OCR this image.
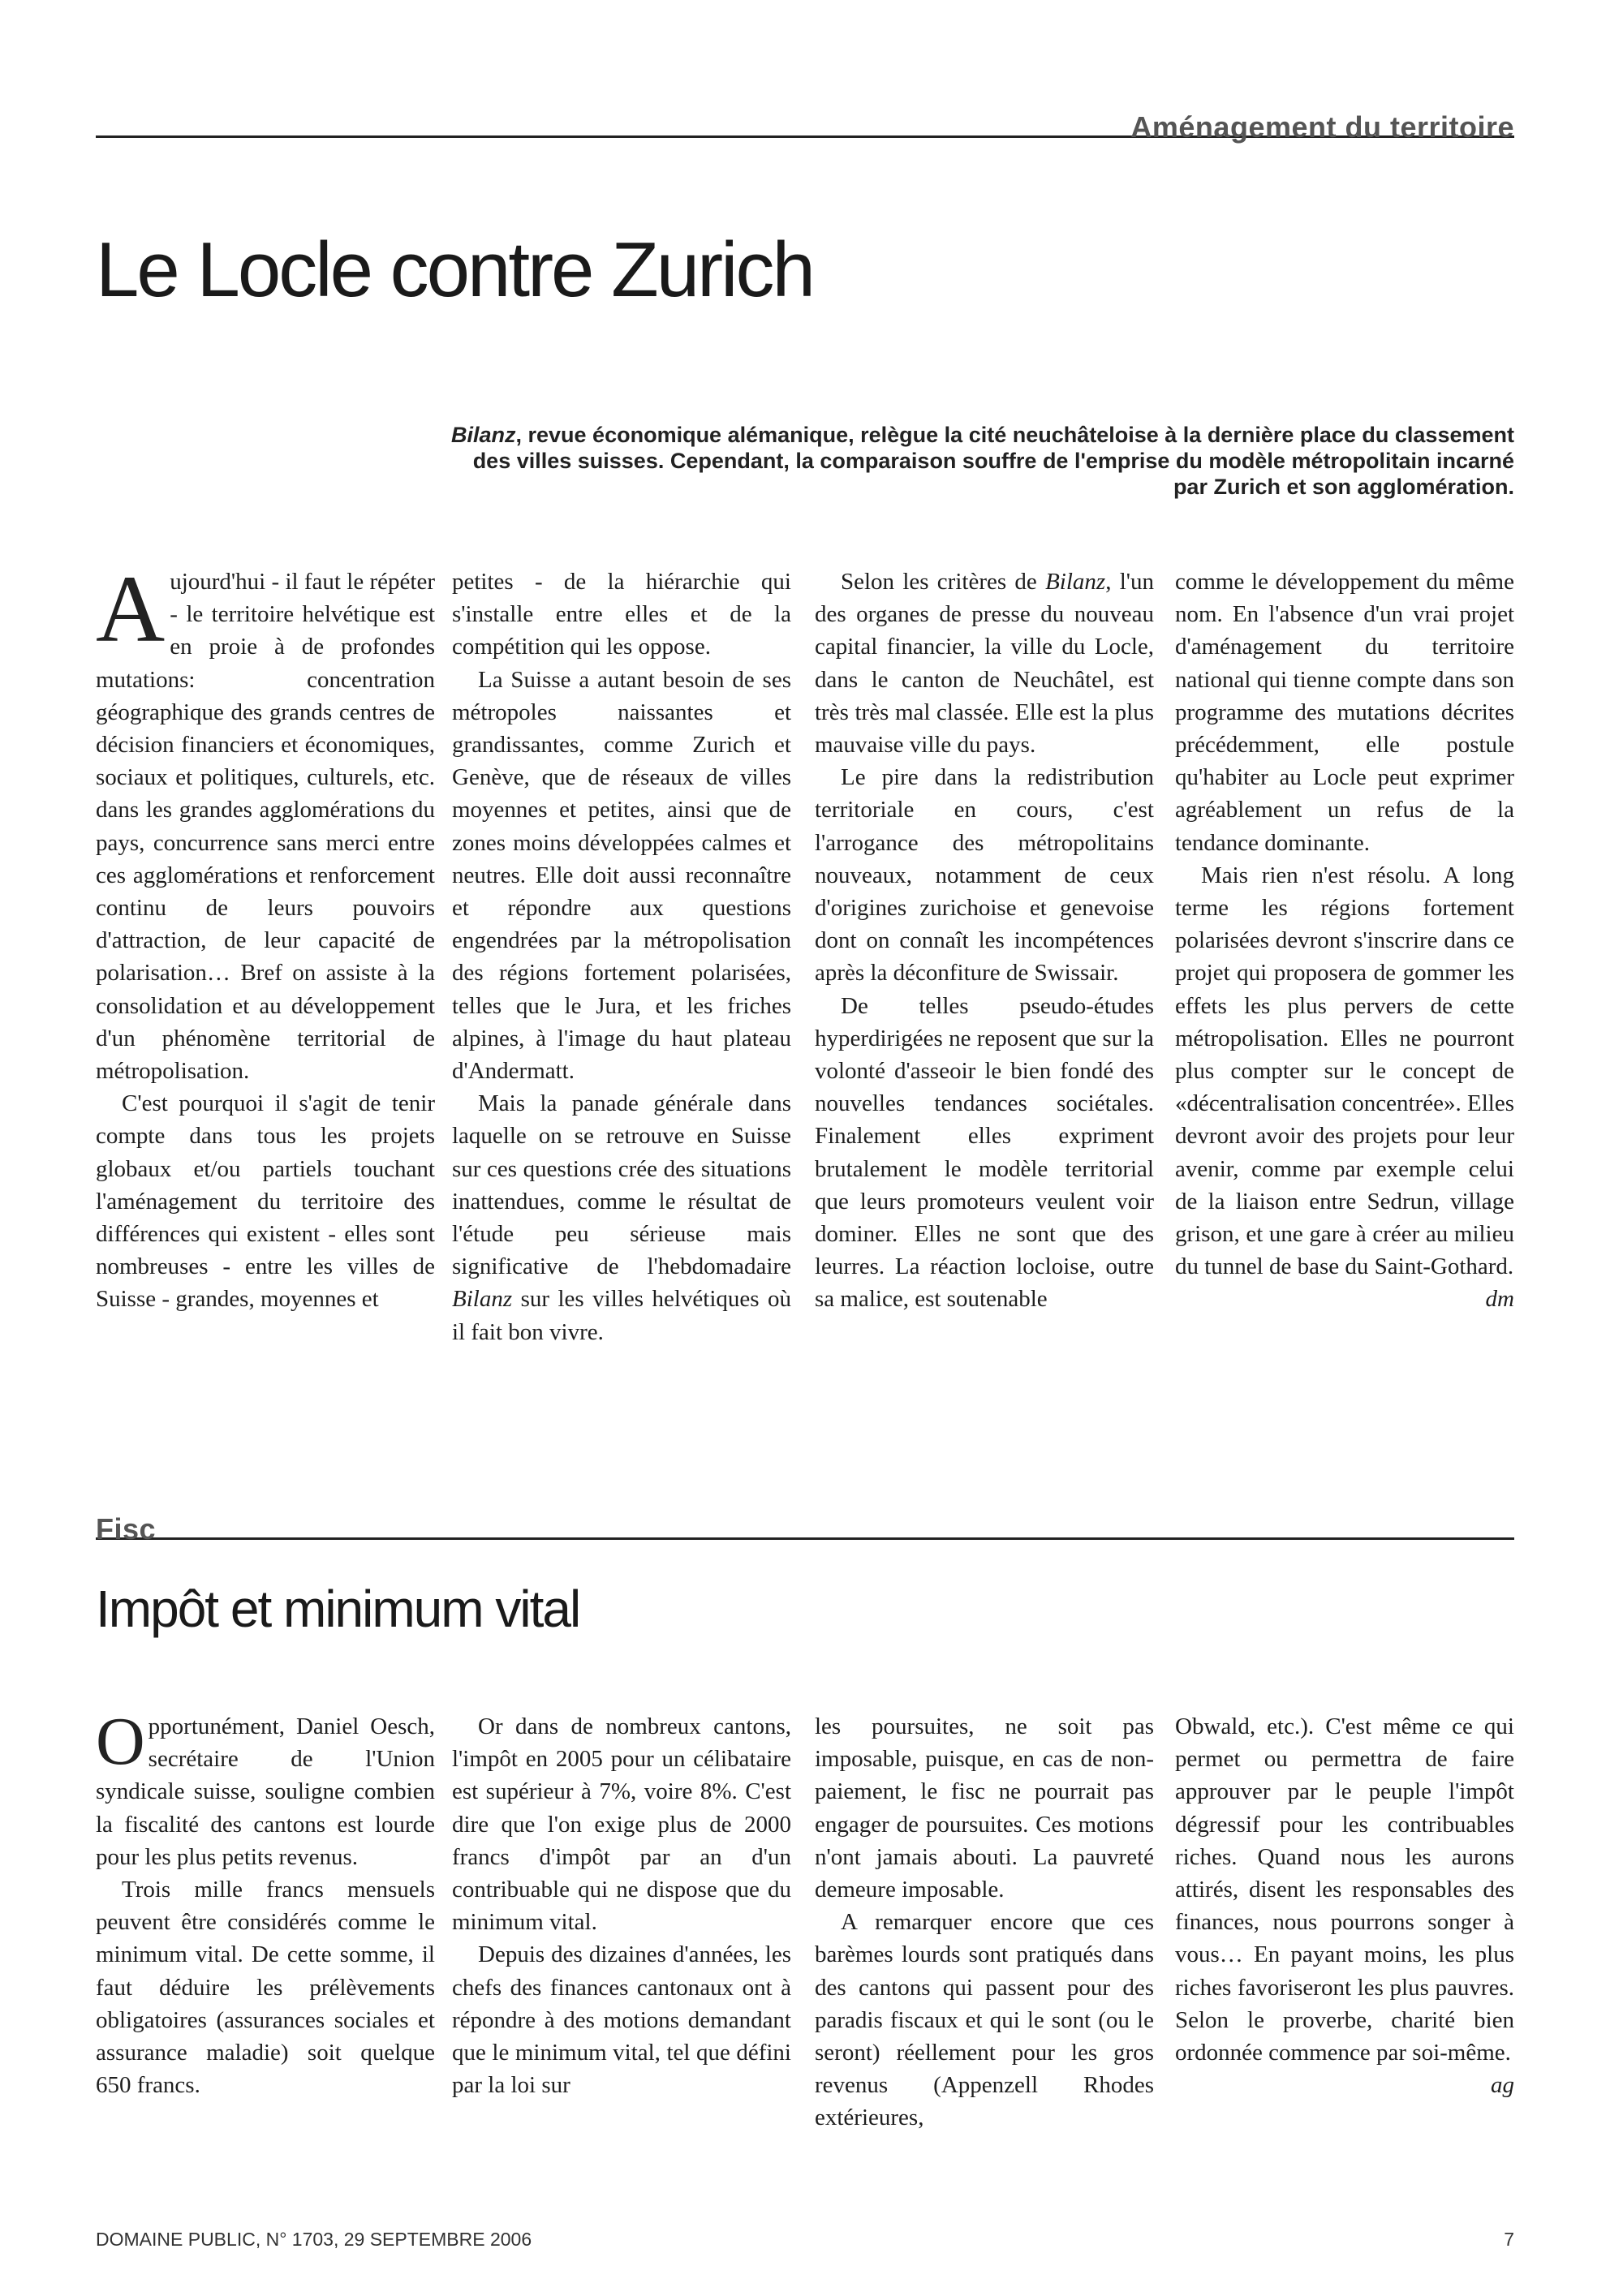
Aménagement du territoire
Le Locle contre Zurich

Bilanz, revue économique alémanique, relègue la cité neuchâteloise à la dernière place du classement des villes suisses. Cependant, la comparaison souffre de l'emprise du modèle métropolitain incarné par Zurich et son agglomération.

Aujourd'hui - il faut le répéter - le territoire helvétique est en proie à de profondes mutations: concentration géographique des grands centres de décision financiers et économiques, sociaux et politiques, culturels, etc. dans les grandes agglomérations du pays, concurrence sans merci entre ces agglomérations et renforcement continu de leurs pouvoirs d'attraction, de leur capacité de polarisation… Bref on assiste à la consolidation et au développement d'un phénomène territorial de métropolisation.

C'est pourquoi il s'agit de tenir compte dans tous les projets globaux et/ou partiels touchant l'aménagement du territoire des différences qui existent - elles sont nombreuses - entre les villes de Suisse - grandes, moyennes et

petites - de la hiérarchie qui s'installe entre elles et de la compétition qui les oppose.

La Suisse a autant besoin de ses métropoles naissantes et grandissantes, comme Zurich et Genève, que de réseaux de villes moyennes et petites, ainsi que de zones moins développées calmes et neutres. Elle doit aussi reconnaître et répondre aux questions engendrées par la métropolisation des régions fortement polarisées, telles que le Jura, et les friches alpines, à l'image du haut plateau d'Andermatt.

Mais la panade générale dans laquelle on se retrouve en Suisse sur ces questions crée des situations inattendues, comme le résultat de l'étude peu sérieuse mais significative de l'hebdomadaire Bilanz sur les villes helvétiques où il fait bon vivre.

Selon les critères de Bilanz, l'un des organes de presse du nouveau capital financier, la ville du Locle, dans le canton de Neuchâtel, est très très mal classée. Elle est la plus mauvaise ville du pays.

Le pire dans la redistribution territoriale en cours, c'est l'arrogance des métropolitains nouveaux, notamment de ceux d'origines zurichoise et genevoise dont on connaît les incompétences après la déconfiture de Swissair.

De telles pseudo-études hyperdirigées ne reposent que sur la volonté d'asseoir le bien fondé des nouvelles tendances sociétales. Finalement elles expriment brutalement le modèle territorial que leurs promoteurs veulent voir dominer. Elles ne sont que des leurres. La réaction locloise, outre sa malice, est soutenable

comme le développement du même nom. En l'absence d'un vrai projet d'aménagement du territoire national qui tienne compte dans son programme des mutations décrites précédemment, elle postule qu'habiter au Locle peut exprimer agréablement un refus de la tendance dominante.

Mais rien n'est résolu. A long terme les régions fortement polarisées devront s'inscrire dans ce projet qui proposera de gommer les effets les plus pervers de cette métropolisation. Elles ne pourront plus compter sur le concept de «décentralisation concentrée». Elles devront avoir des projets pour leur avenir, comme par exemple celui de la liaison entre Sedrun, village grison, et une gare à créer au milieu du tunnel de base du Saint-Gothard.
dm

Fisc
Impôt et minimum vital

Opportunément, Daniel Oesch, secrétaire de l'Union syndicale suisse, souligne combien la fiscalité des cantons est lourde pour les plus petits revenus.

Trois mille francs mensuels peuvent être considérés comme le minimum vital. De cette somme, il faut déduire les prélèvements obligatoires (assurances sociales et assurance maladie) soit quelque 650 francs.

Or dans de nombreux cantons, l'impôt en 2005 pour un célibataire est supérieur à 7%, voire 8%. C'est dire que l'on exige plus de 2000 francs d'impôt par an d'un contribuable qui ne dispose que du minimum vital.

Depuis des dizaines d'années, les chefs des finances cantonaux ont à répondre à des motions demandant que le minimum vital, tel que défini par la loi sur

les poursuites, ne soit pas imposable, puisque, en cas de non-paiement, le fisc ne pourrait pas engager de poursuites. Ces motions n'ont jamais abouti. La pauvreté demeure imposable.

A remarquer encore que ces barèmes lourds sont pratiqués dans des cantons qui passent pour des paradis fiscaux et qui le sont (ou le seront) réellement pour les gros revenus (Appenzell Rhodes extérieures,

Obwald, etc.). C'est même ce qui permet ou permettra de faire approuver par le peuple l'impôt dégressif pour les contribuables riches. Quand nous les aurons attirés, disent les responsables des finances, nous pourrons songer à vous… En payant moins, les plus riches favoriseront les plus pauvres. Selon le proverbe, charité bien ordonnée commence par soi-même.
ag

DOMAINE PUBLIC, N° 1703, 29 SEPTEMBRE 2006	7
